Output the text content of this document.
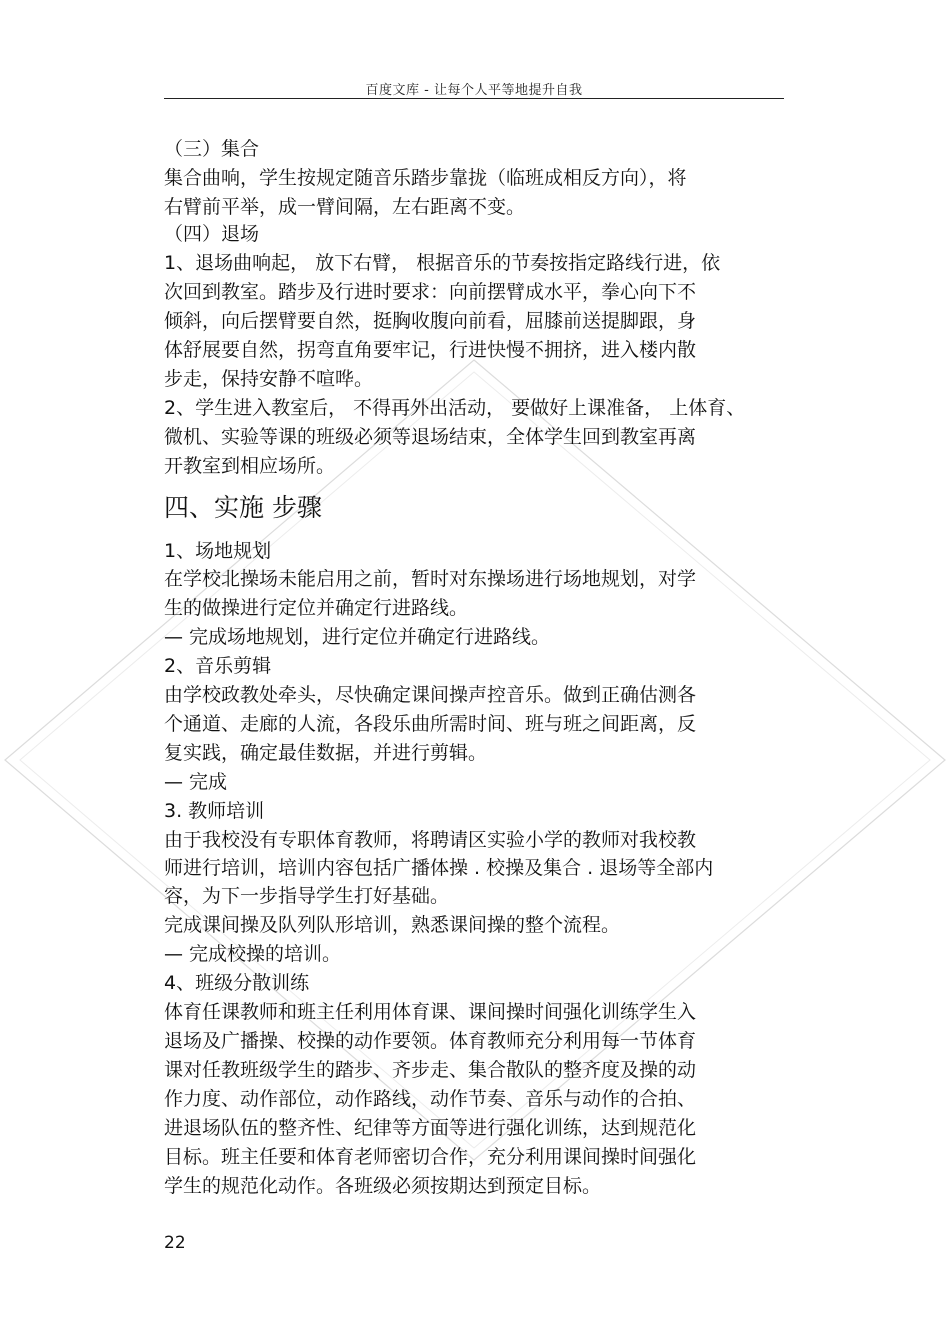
百度文库 - 让每个人平等地提升自我
（三）集合
集合曲响，学生按规定随音乐踏步靠拢（临班成相反方向），将
右臂前平举，成一臂间隔，左右距离不变。
（四）退场
1、退场曲响起， 放下右臂， 根据音乐的节奏按指定路线行进，依
次回到教室。踏步及行进时要求：向前摆臂成水平，拳心向下不
倾斜，向后摆臂要自然，挺胸收腹向前看，屈膝前送提脚跟，身
体舒展要自然，拐弯直角要牢记，行进快慢不拥挤，进入楼内散
步走，保持安静不喧哗。
2、学生进入教室后， 不得再外出活动， 要做好上课准备， 上体育、
微机、实验等课的班级必须等退场结束，全体学生回到教室再离
开教室到相应场所。
四、实施 步骤
1、场地规划
在学校北操场未能启用之前，暂时对东操场进行场地规划，对学
生的做操进行定位并确定行进路线。
— 完成场地规划，进行定位并确定行进路线。
2、音乐剪辑
由学校政教处牵头，尽快确定课间操声控音乐。做到正确估测各
个通道、走廊的人流，各段乐曲所需时间、班与班之间距离，反
复实践，确定最佳数据，并进行剪辑。
— 完成
3. 教师培训
由于我校没有专职体育教师，将聘请区实验小学的教师对我校教
师进行培训，培训内容包括广播体操 . 校操及集合 . 退场等全部内
容，为下一步指导学生打好基础。
完成课间操及队列队形培训，熟悉课间操的整个流程。
— 完成校操的培训。
4、班级分散训练
体育任课教师和班主任利用体育课、课间操时间强化训练学生入
退场及广播操、校操的动作要领。体育教师充分利用每一节体育
课对任教班级学生的踏步、齐步走、集合散队的整齐度及操的动
作力度、动作部位，动作路线，动作节奏、音乐与动作的合拍、
进退场队伍的整齐性、纪律等方面等进行强化训练，达到规范化
目标。班主任要和体育老师密切合作，充分利用课间操时间强化
学生的规范化动作。各班级必须按期达到预定目标。
22
